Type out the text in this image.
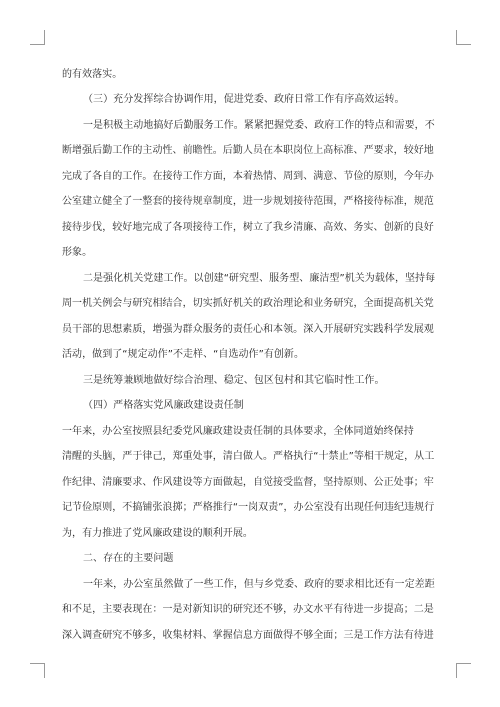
的有效落实。
（三）充分发挥综合协调作用，促进党委、政府日常工作有序高效运转。
一是积极主动地搞好后勤服务工作。紧紧把握党委、政府工作的特点和需要，不
断增强后勤工作的主动性、前瞻性。后勤人员在本职岗位上高标准、严要求，较好地
完成了各自的工作。在接待工作方面，本着热情、周到、满意、节俭的原则，今年办
公室建立健全了一整套的接待规章制度，进一步规划接待范围，严格接待标准，规范
接待步伐，较好地完成了各项接待工作，树立了我乡清廉、高效、务实、创新的良好
形象。
二是强化机关党建工作。以创建“研究型、服务型、廉洁型”机关为载体，坚持每
周一机关例会与研究相结合，切实抓好机关的政治理论和业务研究，全面提高机关党
员干部的思想素质，增强为群众服务的责任心和本领。深入开展研究实践科学发展观
活动，做到了“规定动作”不走样、“自选动作”有创新。
三是统筹兼顾地做好综合治理、稳定、包区包村和其它临时性工作。
（四）严格落实党风廉政建设责任制
一年来，办公室按照县纪委党风廉政建设责任制的具体要求，全体同道始终保持
清醒的头脑，严于律己，郑重处事，清白做人。严格执行“十禁止”等相干规定，从工
作纪律、清廉要求、作风建设等方面做起，自觉接受监督，坚持原则、公正处事；牢
记节俭原则，不搞铺张浪掷；严格推行“一岗双责”，办公室没有出现任何违纪违规行
为，有力推进了党风廉政建设的顺利开展。
二、存在的主要问题
一年来，办公室虽然做了一些工作，但与乡党委、政府的要求相比还有一定差距
和不足，主要表现在：一是对新知识的研究还不够，办文水平有待进一步提高；二是
深入调查研究不够多，收集材料、掌握信息方面做得不够全面；三是工作方法有待进
